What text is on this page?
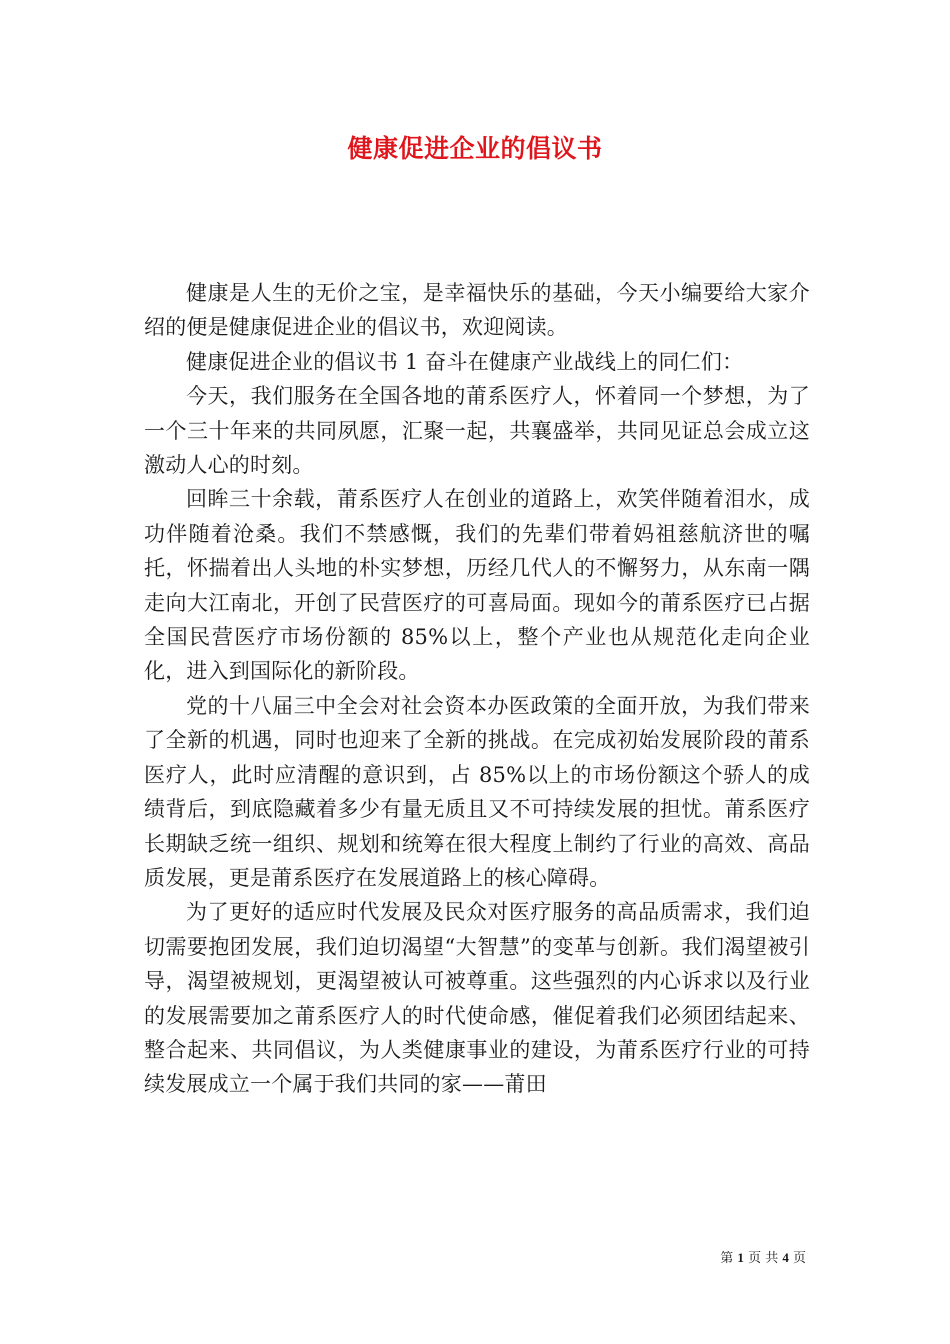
健康促进企业的倡议书

健康是人生的无价之宝，是幸福快乐的基础，今天小编要给大家介绍的便是健康促进企业的倡议书，欢迎阅读。

健康促进企业的倡议书 1 奋斗在健康产业战线上的同仁们：

今天，我们服务在全国各地的莆系医疗人，怀着同一个梦想，为了一个三十年来的共同夙愿，汇聚一起，共襄盛举，共同见证总会成立这激动人心的时刻。

回眸三十余载，莆系医疗人在创业的道路上，欢笑伴随着泪水，成功伴随着沧桑。我们不禁感慨，我们的先辈们带着妈祖慈航济世的嘱托，怀揣着出人头地的朴实梦想，历经几代人的不懈努力，从东南一隅走向大江南北，开创了民营医疗的可喜局面。现如今的莆系医疗已占据全国民营医疗市场份额的 85%以上，整个产业也从规范化走向企业化，进入到国际化的新阶段。

党的十八届三中全会对社会资本办医政策的全面开放，为我们带来了全新的机遇，同时也迎来了全新的挑战。在完成初始发展阶段的莆系医疗人，此时应清醒的意识到，占 85%以上的市场份额这个骄人的成绩背后，到底隐藏着多少有量无质且又不可持续发展的担忧。莆系医疗长期缺乏统一组织、规划和统筹在很大程度上制约了行业的高效、高品质发展，更是莆系医疗在发展道路上的核心障碍。

为了更好的适应时代发展及民众对医疗服务的高品质需求，我们迫切需要抱团发展，我们迫切渴望“大智慧”的变革与创新。我们渴望被引导，渴望被规划，更渴望被认可被尊重。这些强烈的内心诉求以及行业的发展需要加之莆系医疗人的时代使命感，催促着我们必须团结起来、整合起来、共同倡议，为人类健康事业的建设，为莆系医疗行业的可持续发展成立一个属于我们共同的家——莆田

第 1 页 共 4 页
